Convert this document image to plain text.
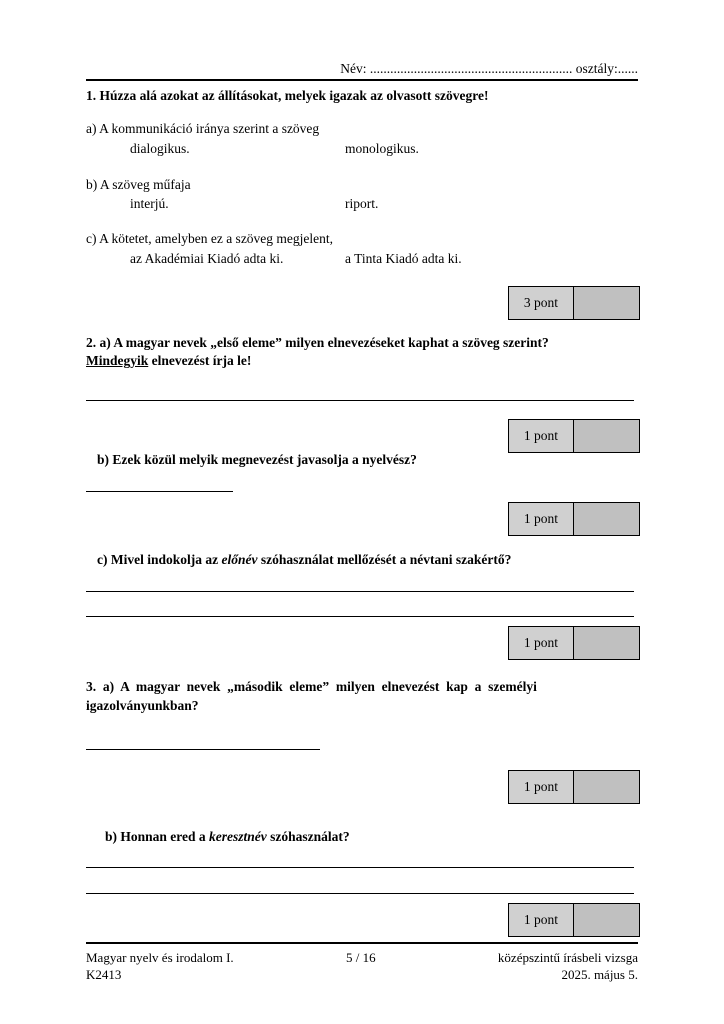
Név: ............................................................ osztály:......
1. Húzza alá azokat az állításokat, melyek igazak az olvasott szövegre!
a) A kommunikáció iránya szerint a szöveg
dialogikus.	monologikus.
b) A szöveg műfaja
interjú.	riport.
c) A kötetet, amelyben ez a szöveg megjelent,
az Akadémiai Kiadó adta ki.	a Tinta Kiadó adta ki.
3 pont
2. a) A magyar nevek „első eleme” milyen elnevezéseket kaphat a szöveg szerint?
Mindegyik elnevezést írja le!
1 pont
b) Ezek közül melyik megnevezést javasolja a nyelvész?
1 pont
c) Mivel indokolja az előnév szóhasználat mellőzését a névtani szakértő?
1 pont
3.  a)  A  magyar  nevek  „második  eleme”  milyen  elnevezést  kap  a  személyi
igazolványunkban?
1 pont
b) Honnan ered a keresztnév szóhasználat?
1 pont
Magyar nyelv és irodalom I.
K2413
5 / 16	középszintű írásbeli vizsga
2025. május 5.
